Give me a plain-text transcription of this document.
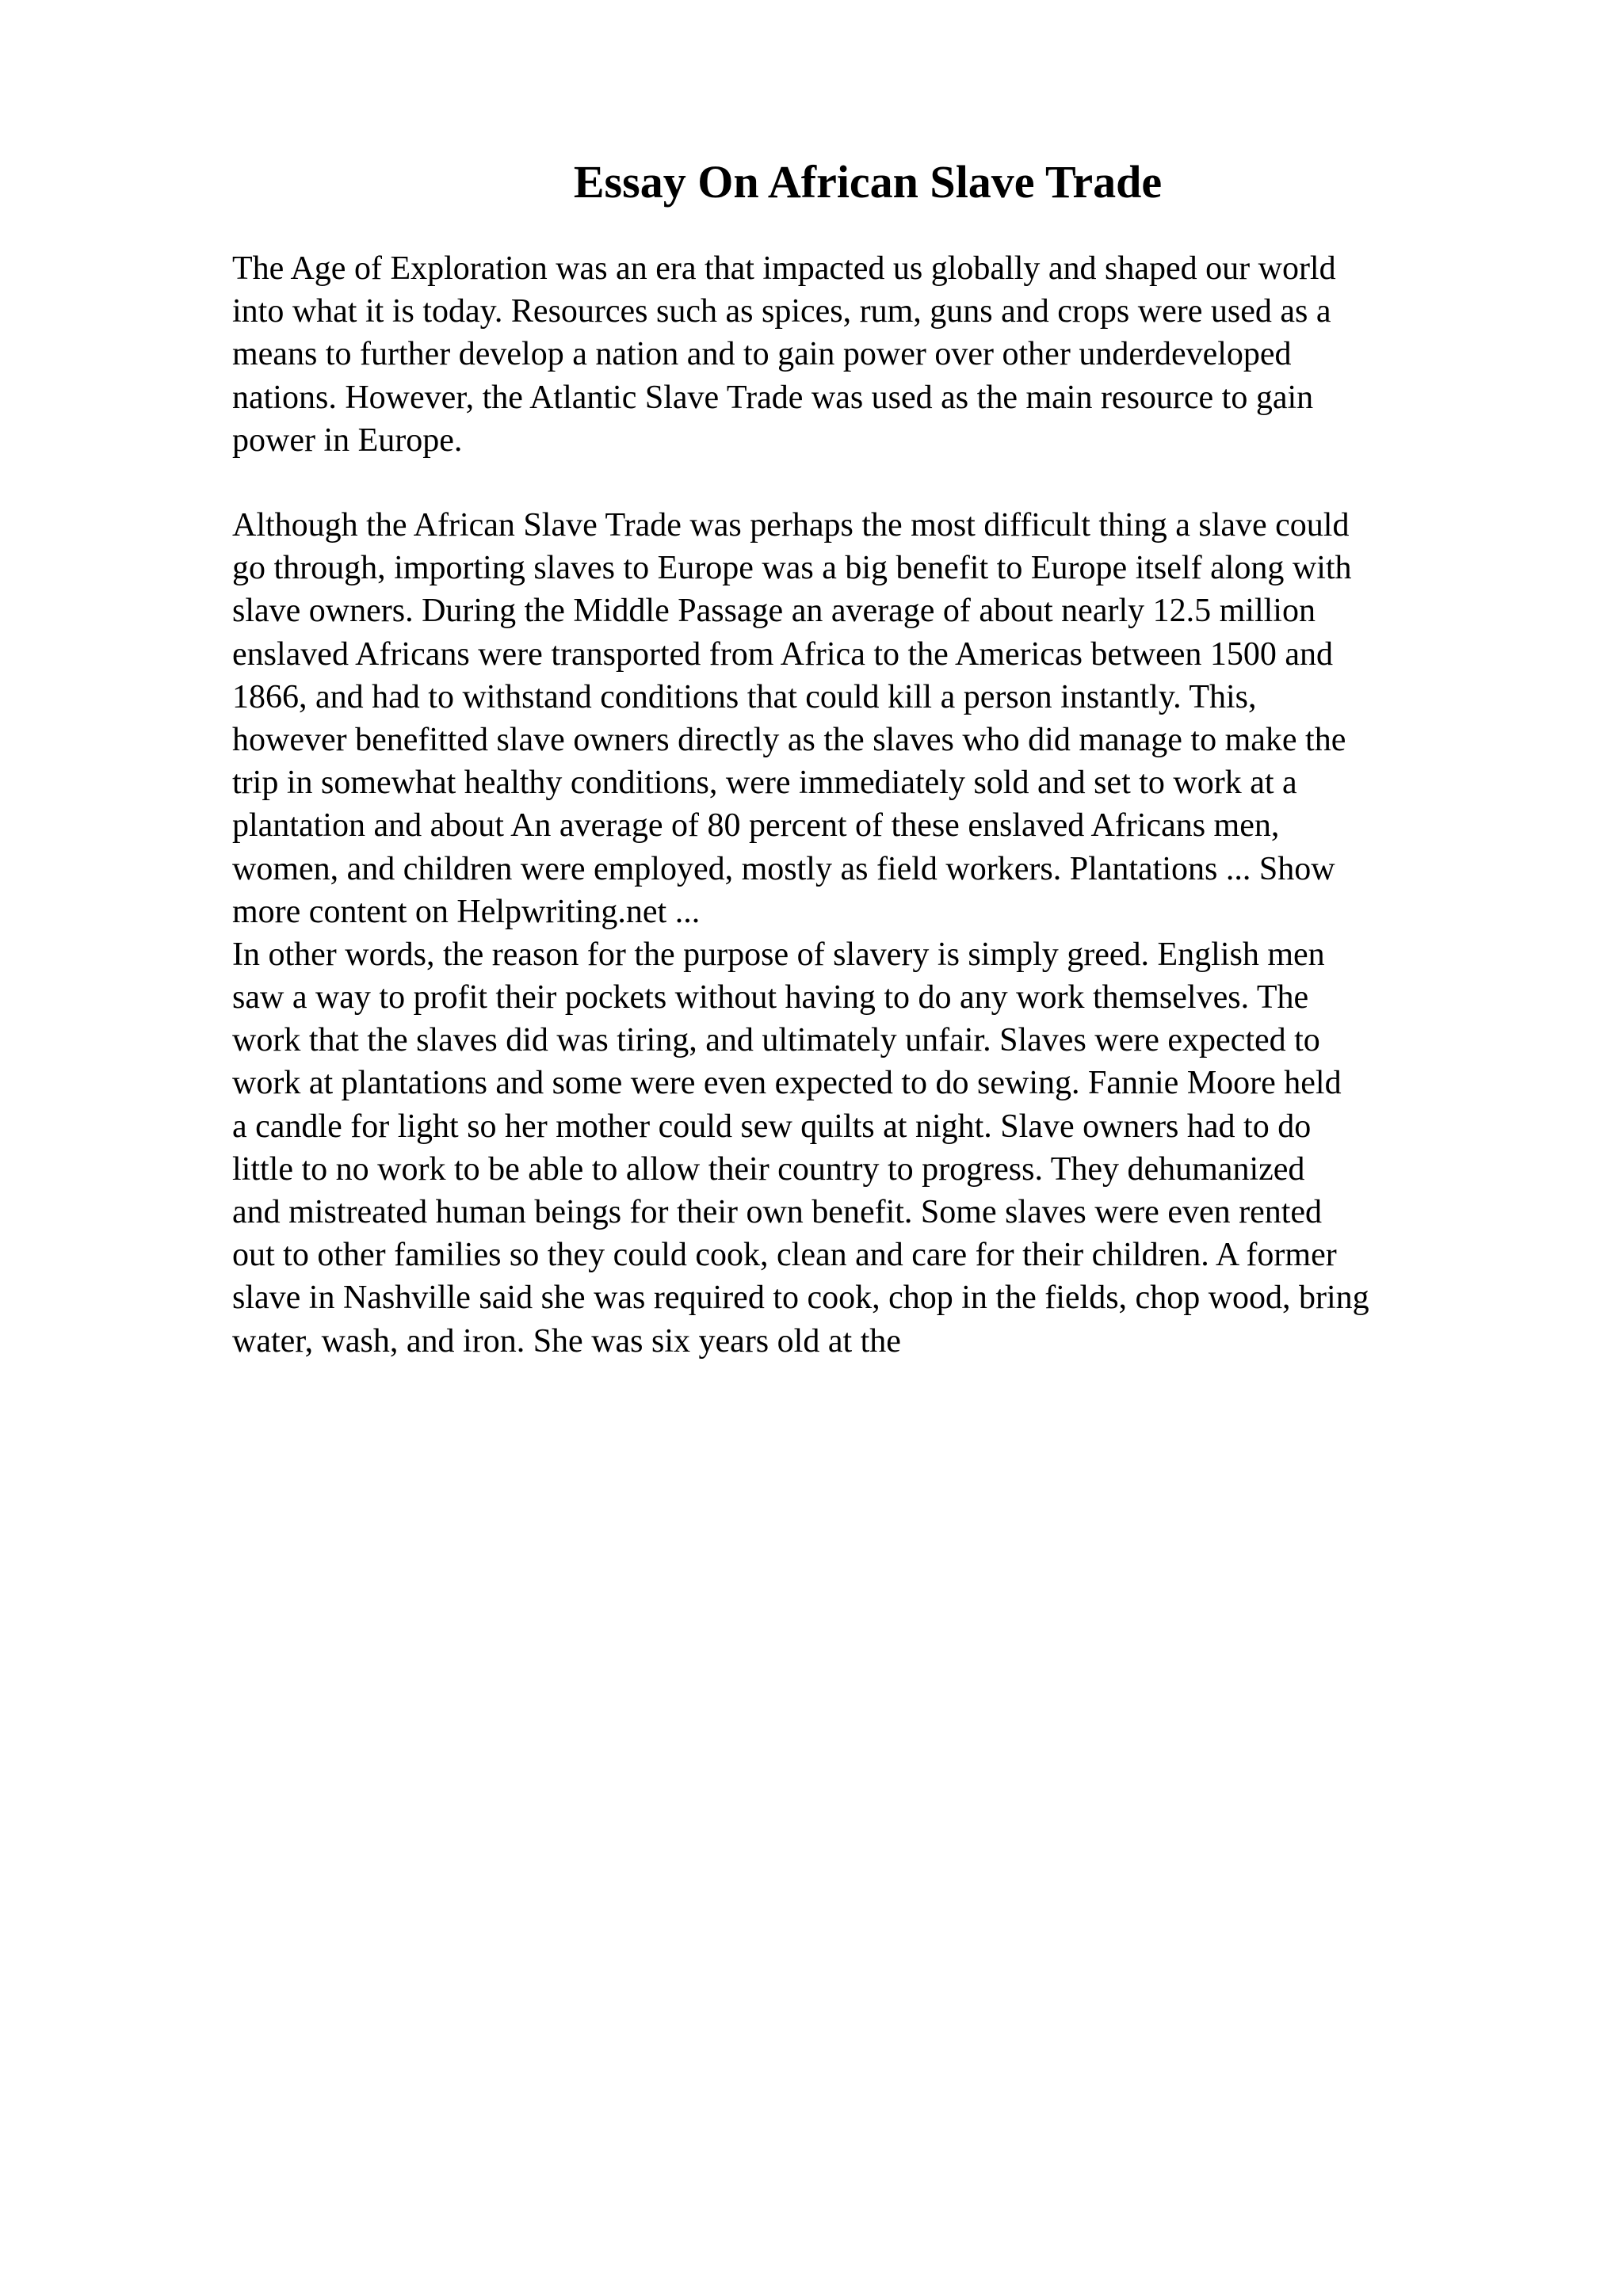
Essay On African Slave Trade
The Age of Exploration was an era that impacted us globally and shaped our world
into what it is today. Resources such as spices, rum, guns and crops were used as a
means to further develop a nation and to gain power over other underdeveloped
nations. However, the Atlantic Slave Trade was used as the main resource to gain
power in Europe.
Although the African Slave Trade was perhaps the most difficult thing a slave could
go through, importing slaves to Europe was a big benefit to Europe itself along with
slave owners. During the Middle Passage an average of about nearly 12.5 million
enslaved Africans were transported from Africa to the Americas between 1500 and
1866, and had to withstand conditions that could kill a person instantly. This,
however benefitted slave owners directly as the slaves who did manage to make the
trip in somewhat healthy conditions, were immediately sold and set to work at a
plantation and about An average of 80 percent of these enslaved Africans men,
women, and children were employed, mostly as field workers. Plantations ... Show
more content on Helpwriting.net ...
In other words, the reason for the purpose of slavery is simply greed. English men
saw a way to profit their pockets without having to do any work themselves. The
work that the slaves did was tiring, and ultimately unfair. Slaves were expected to
work at plantations and some were even expected to do sewing. Fannie Moore held
a candle for light so her mother could sew quilts at night. Slave owners had to do
little to no work to be able to allow their country to progress. They dehumanized
and mistreated human beings for their own benefit. Some slaves were even rented
out to other families so they could cook, clean and care for their children. A former
slave in Nashville said she was required to cook, chop in the fields, chop wood, bring
water, wash, and iron. She was six years old at the
